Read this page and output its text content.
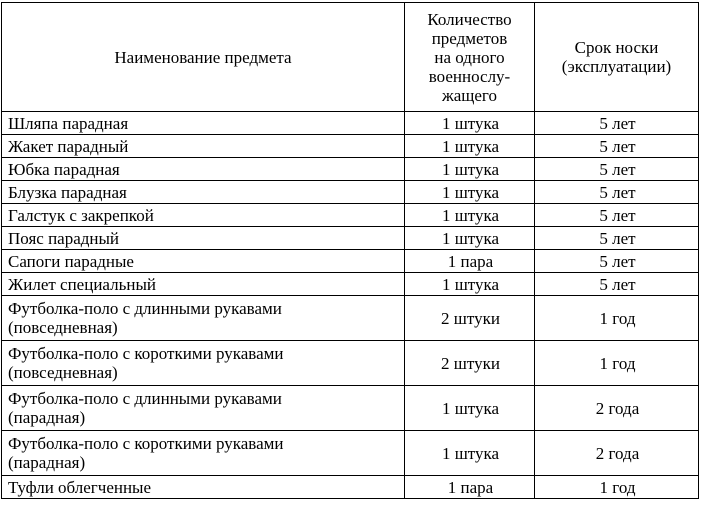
Наименование предмета	Количество
предметов
на одного
военнослу-
жащего	Срок носки
(эксплуатации)

Шляпа парадная	1 штука	5 лет

Жакет парадный	1 штука	5 лет

Юбка парадная	1 штука	5 лет

Блузка парадная	1 штука	5 лет

Галстук с закрепкой	1 штука	5 лет

Пояс парадный	1 штука	5 лет

Сапоги парадные	1 пара	5 лет

Жилет специальный	1 штука	5 лет

Футболка-поло с длинными рукавами
(повседневная)	2 штуки	1 год

Футболка-поло с короткими рукавами
(повседневная)	2 штуки	1 год

Футболка-поло с длинными рукавами
(парадная)	1 штука	2 года

Футболка-поло с короткими рукавами
(парадная)	1 штука	2 года

Туфли облегченные	1 пара	1 год
